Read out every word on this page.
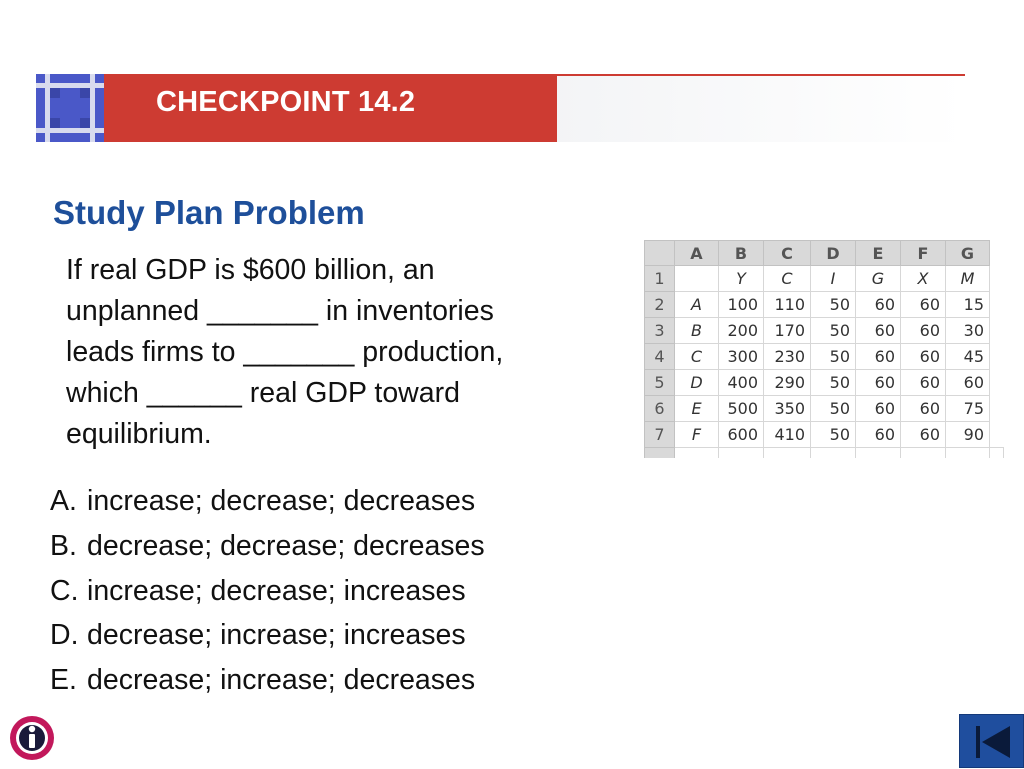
CHECKPOINT 14.2
Study Plan Problem
If real GDP is $600 billion, an
unplanned _______ in inventories
leads firms to _______ production,
which ______ real GDP toward
equilibrium.
A. increase; decrease; decreases
B. decrease; decrease; decreases
C. increase; decrease; increases
D. decrease; increase; increases
E. decrease; increase; decreases
	A	B	C	D	E	F	G	
1		Y	C	I	G	X	M	
2	A	100	110	50	60	60	15	
3	B	200	170	50	60	60	30	
4	C	300	230	50	60	60	45	
5	D	400	290	50	60	60	60	
6	E	500	350	50	60	60	75	
7	F	600	410	50	60	60	90	
